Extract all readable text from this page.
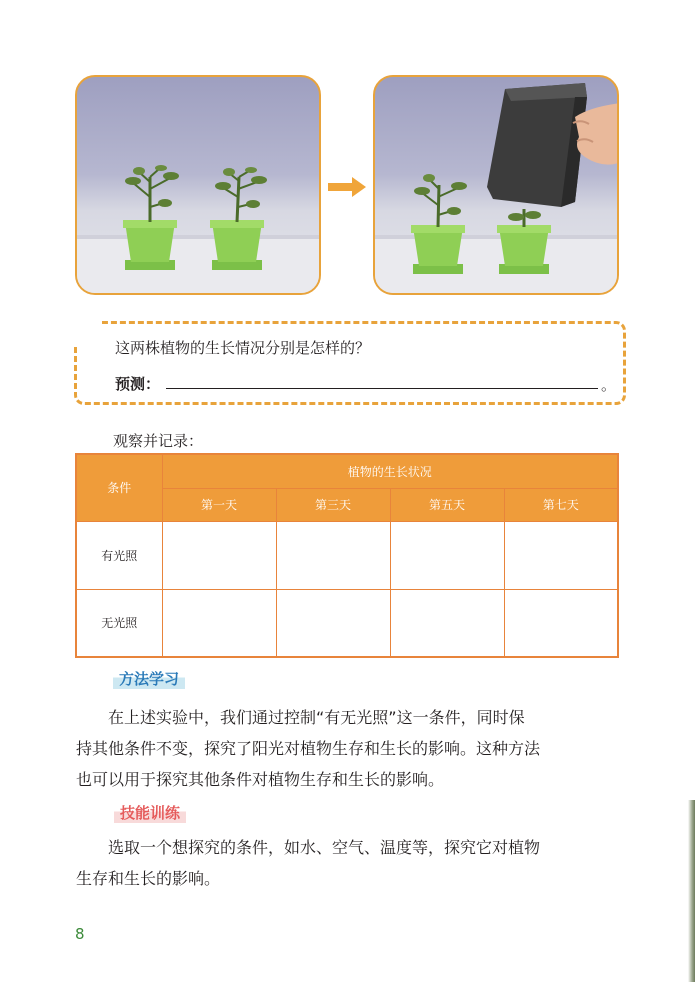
这两株植物的生长情况分别是怎样的？
预测：	。
观察并记录：
条件	植物的生长状况			
	第一天	第三天	第五天	第七天
有光照				
无光照				
方法学习

在上述实验中，我们通过控制“有无光照”这一条件，同时保
持其他条件不变，探究了阳光对植物生存和生长的影响。这种方法
也可以用于探究其他条件对植物生存和生长的影响。

技能训练

选取一个想探究的条件，如水、空气、温度等，探究它对植物
生存和生长的影响。

8
